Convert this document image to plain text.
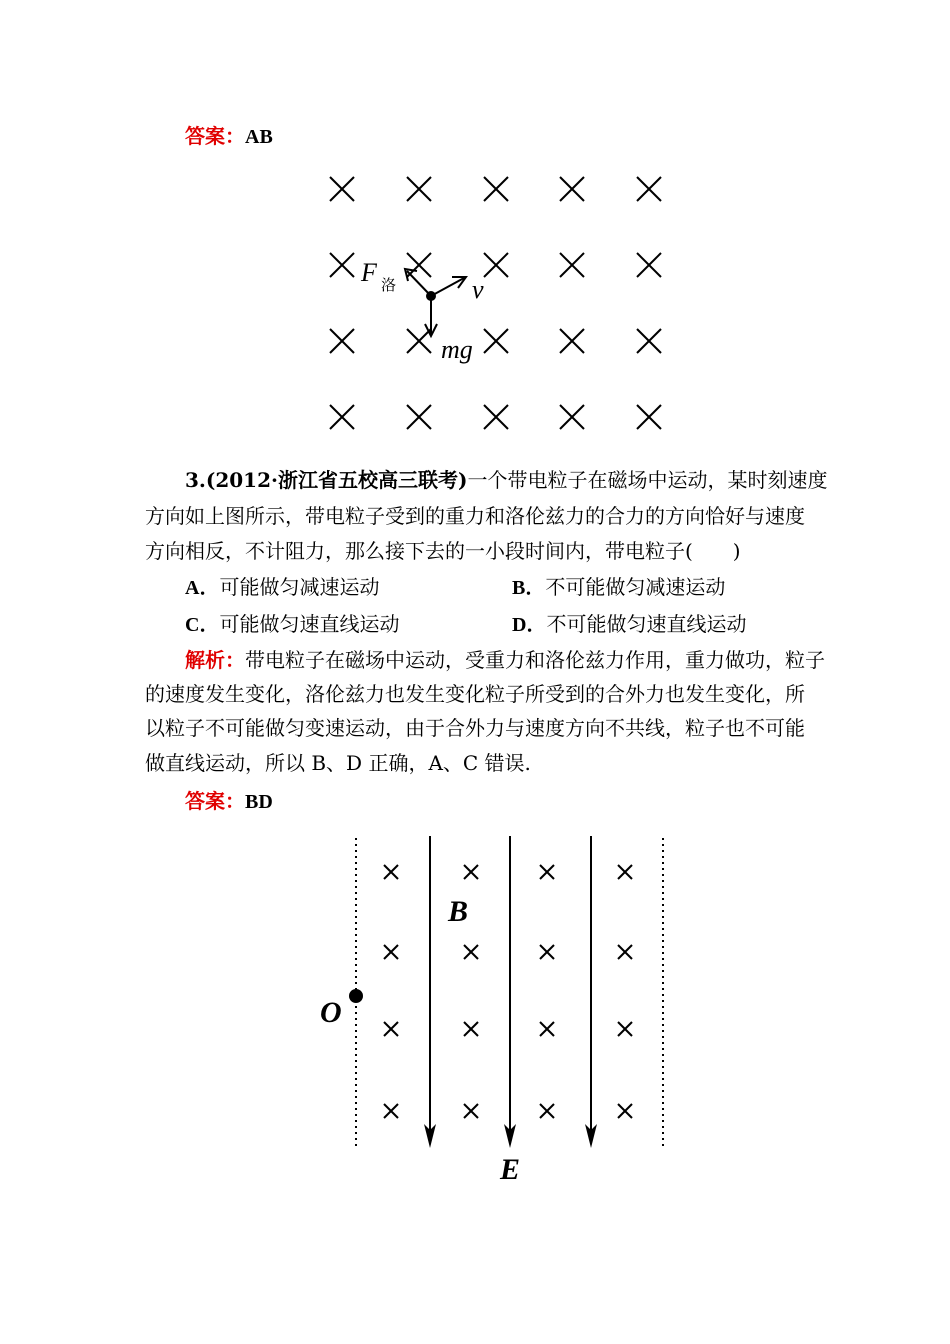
答案：AB
F 洛	v
mg
B
O
E
3.(2012·浙江省五校高三联考)一个带电粒子在磁场中运动，某时刻速度
方向如上图所示，带电粒子受到的重力和洛伦兹力的合力的方向恰好与速度
方向相反，不计阻力，那么接下去的一小段时间内，带电粒子(　　)
A．可能做匀减速运动	B．不可能做匀减速运动
C．可能做匀速直线运动	D．不可能做匀速直线运动
解析：带电粒子在磁场中运动，受重力和洛伦兹力作用，重力做功，粒子
的速度发生变化，洛伦兹力也发生变化粒子所受到的合外力也发生变化，所
以粒子不可能做匀变速运动，由于合外力与速度方向不共线，粒子也不可能
做直线运动，所以 B、D 正确，A、C 错误.
答案：BD
